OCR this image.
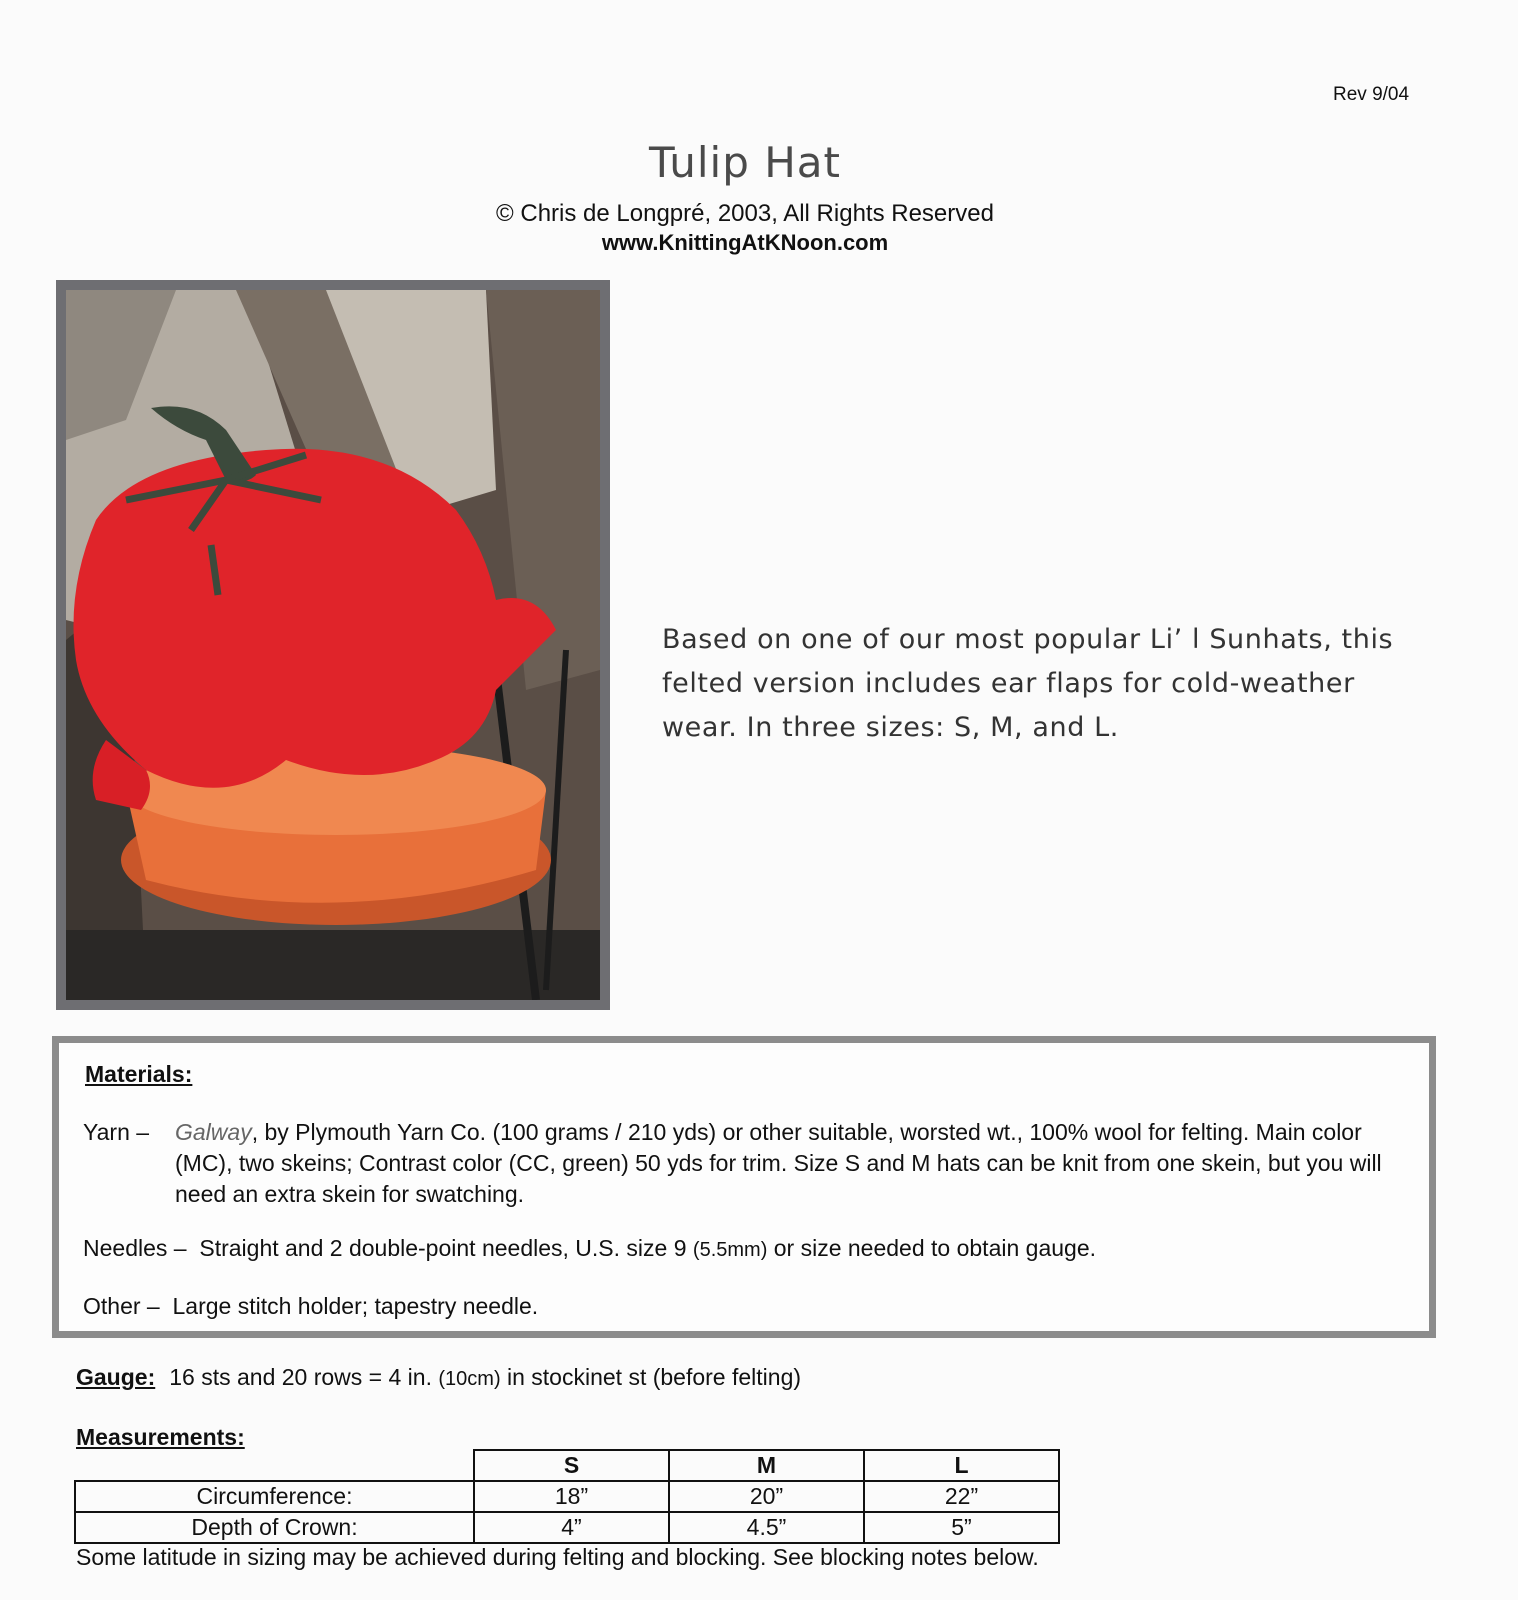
Rev 9/04
Tulip Hat
© Chris de Longpré, 2003, All Rights Reserved
www.KnittingAtKNoon.com
Based on one of our most popular Li’ l Sunhats, this felted version includes ear flaps for cold-weather wear. In three sizes: S, M, and L.
Materials:
Yarn – Galway, by Plymouth Yarn Co. (100 grams / 210 yds) or other suitable, worsted wt., 100% wool for felting. Main color (MC), two skeins; Contrast color (CC, green) 50 yds for trim. Size S and M hats can be knit from one skein, but you will need an extra skein for swatching.
Needles – Straight and 2 double-point needles, U.S. size 9 (5.5mm) or size needed to obtain gauge.
Other – Large stitch holder; tapestry needle.
Gauge: 16 sts and 20 rows = 4 in. (10cm) in stockinet st (before felting)
Measurements:
	S	M	L
Circumference:	18”	20”	22”
Depth of Crown:	4”	4.5”	5”
Some latitude in sizing may be achieved during felting and blocking. See blocking notes below.
